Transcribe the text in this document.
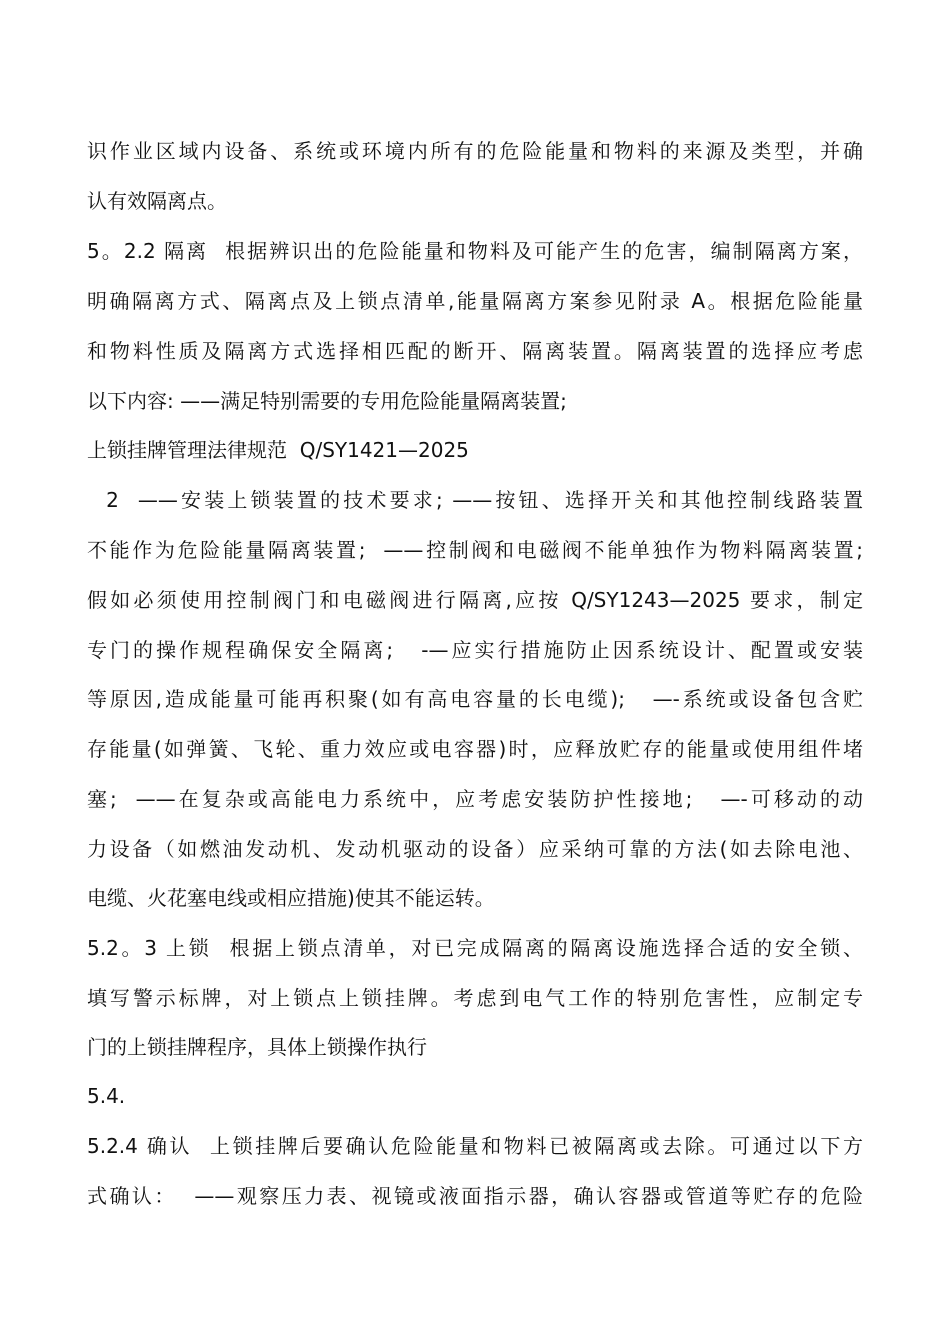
识作业区域内设备、系统或环境内所有的危险能量和物料的来源及类型，并确
认有效隔离点。
5。2.2 隔离  根据辨识出的危险能量和物料及可能产生的危害，编制隔离方案，
明确隔离方式、隔离点及上锁点清单,能量隔离方案参见附录 A。根据危险能量
和物料性质及隔离方式选择相匹配的断开、隔离装置。隔离装置的选择应考虑
以下内容: ——满足特别需要的专用危险能量隔离装置;
上锁挂牌管理法律规范  Q/SY1421—2025
2  ——安装上锁装置的技术要求; ——按钮、选择开关和其他控制线路装置
不能作为危险能量隔离装置;  ——控制阀和电磁阀不能单独作为物料隔离装置;
假如必须使用控制阀门和电磁阀进行隔离,应按 Q/SY1243—2025 要求，制定
专门的操作规程确保安全隔离;   -—应实行措施防止因系统设计、配置或安装
等原因,造成能量可能再积聚(如有高电容量的长电缆);   —-系统或设备包含贮
存能量(如弹簧、飞轮、重力效应或电容器)时，应释放贮存的能量或使用组件堵
塞;  ——在复杂或高能电力系统中，应考虑安装防护性接地;   —-可移动的动
力设备（如燃油发动机、发动机驱动的设备）应采纳可靠的方法(如去除电池、
电缆、火花塞电线或相应措施)使其不能运转。
5.2。3 上锁  根据上锁点清单，对已完成隔离的隔离设施选择合适的安全锁、
填写警示标牌，对上锁点上锁挂牌。考虑到电气工作的特别危害性，应制定专
门的上锁挂牌程序，具体上锁操作执行
5.4.
5.2.4 确认  上锁挂牌后要确认危险能量和物料已被隔离或去除。可通过以下方
式确认：  ——观察压力表、视镜或液面指示器，确认容器或管道等贮存的危险
